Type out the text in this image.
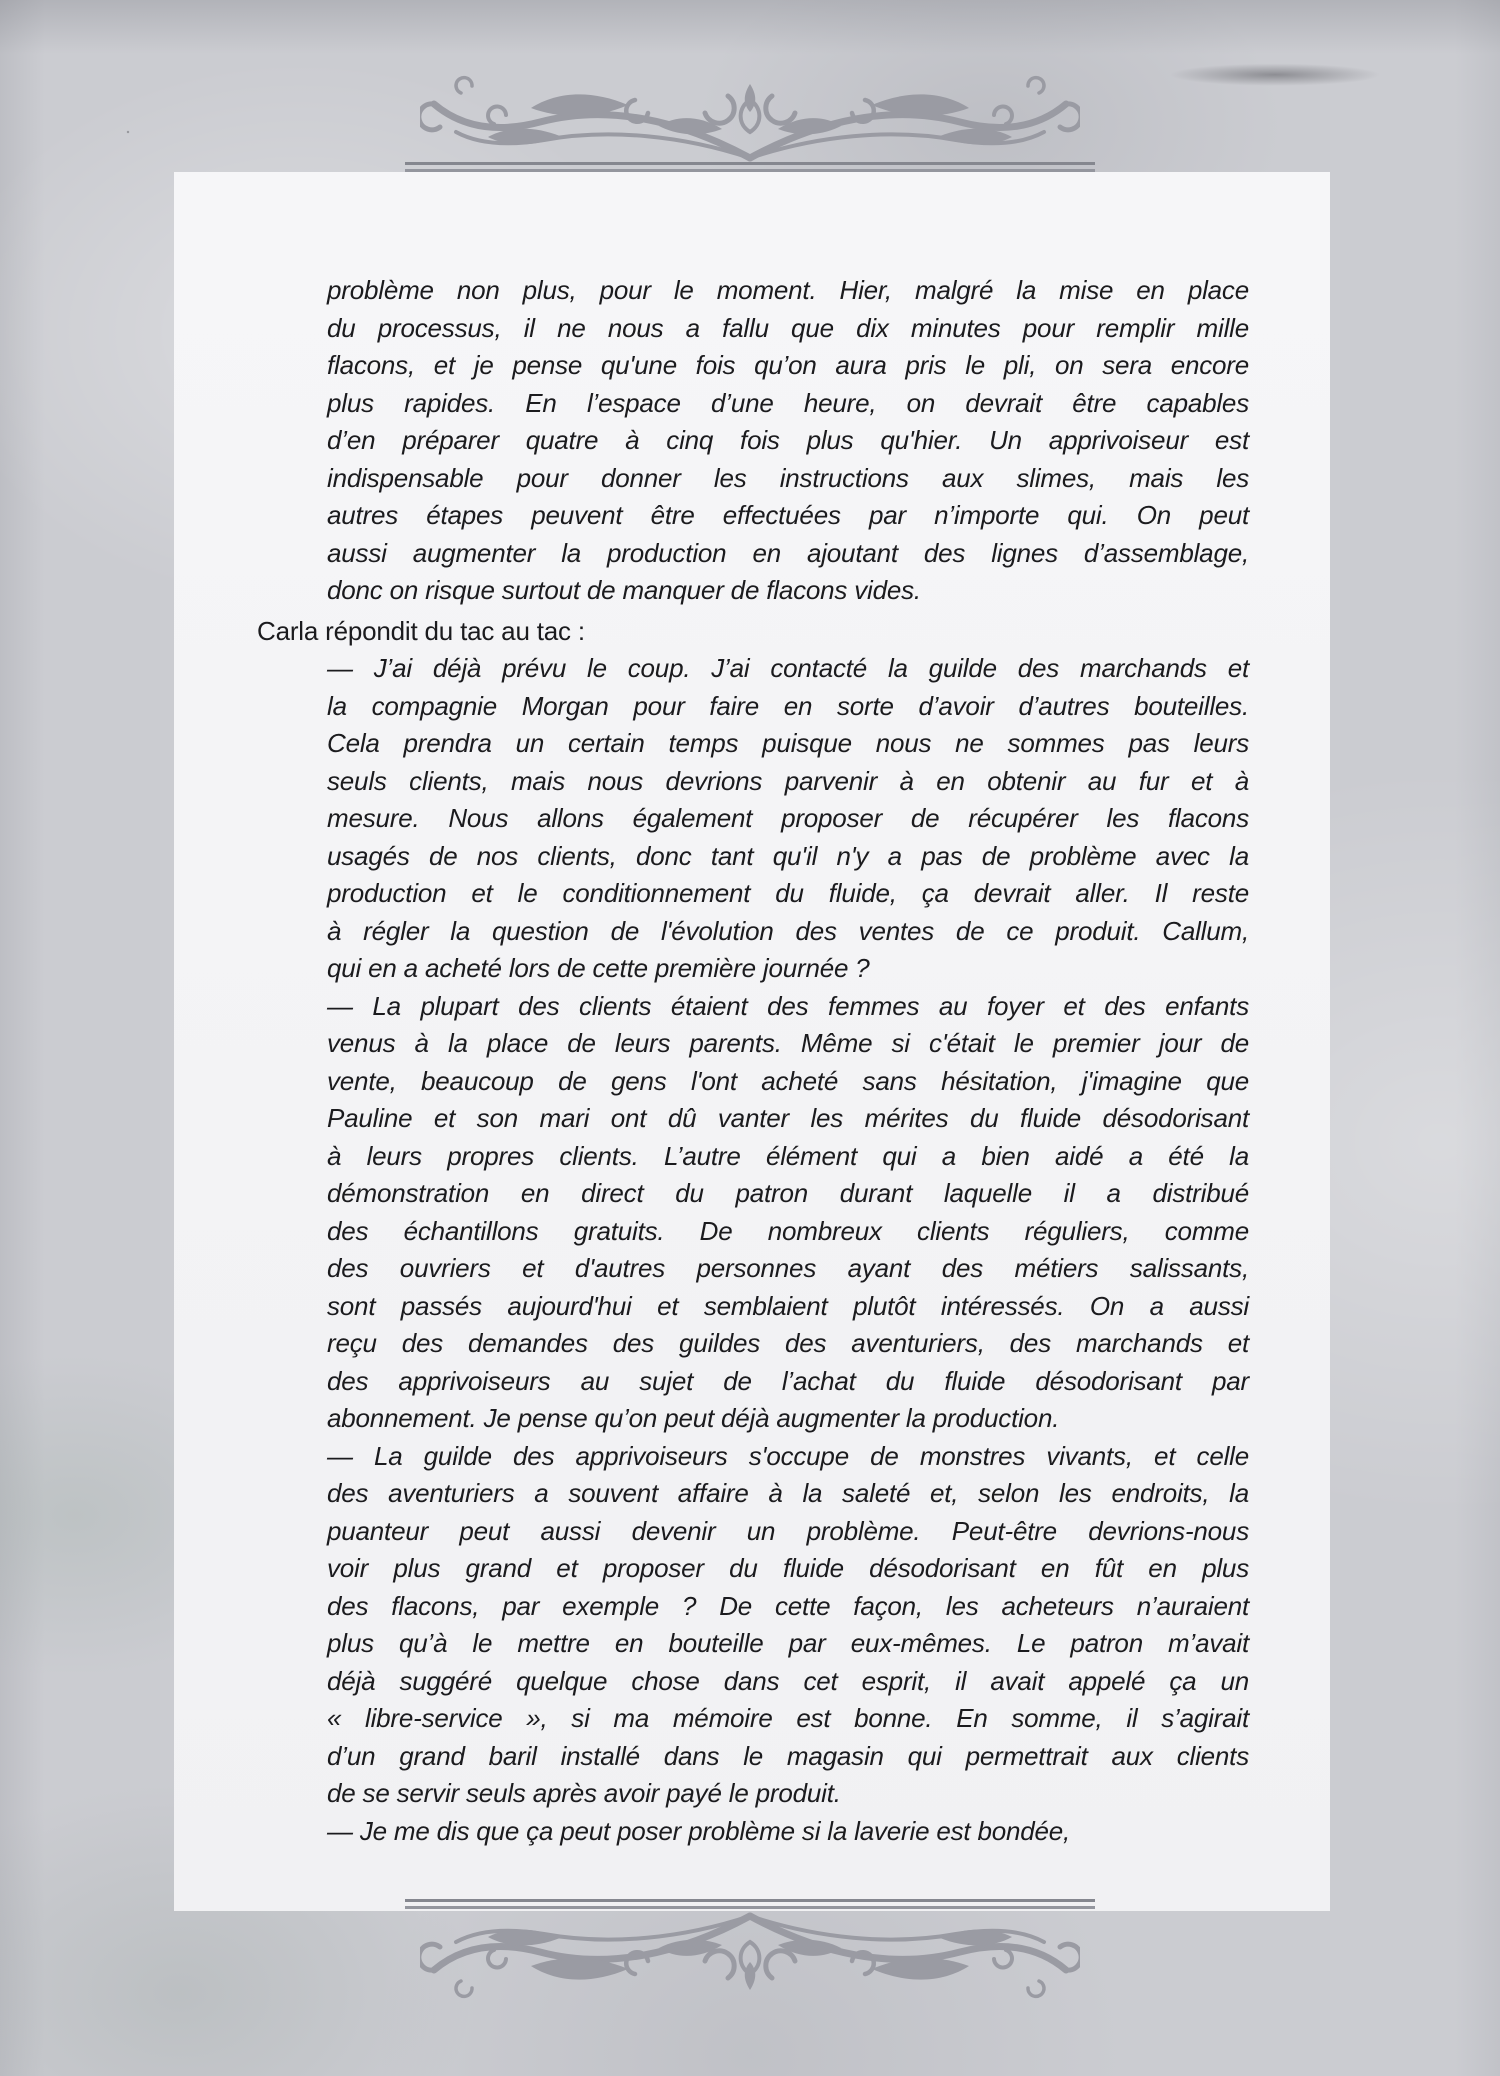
problème non plus, pour le moment. Hier, malgré la mise en place
du processus, il ne nous a fallu que dix minutes pour remplir mille
flacons, et je pense qu'une fois qu’on aura pris le pli, on sera encore
plus rapides. En l’espace d’une heure, on devrait être capables
d’en préparer quatre à cinq fois plus qu'hier. Un apprivoiseur est
indispensable pour donner les instructions aux slimes, mais les
autres étapes peuvent être effectuées par n’importe qui. On peut
aussi augmenter la production en ajoutant des lignes d’assemblage,
donc on risque surtout de manquer de flacons vides.
Carla répondit du tac au tac :
— J’ai déjà prévu le coup. J’ai contacté la guilde des marchands et
la compagnie Morgan pour faire en sorte d’avoir d’autres bouteilles.
Cela prendra un certain temps puisque nous ne sommes pas leurs
seuls clients, mais nous devrions parvenir à en obtenir au fur et à
mesure. Nous allons également proposer de récupérer les flacons
usagés de nos clients, donc tant qu'il n'y a pas de problème avec la
production et le conditionnement du fluide, ça devrait aller. Il reste
à régler la question de l'évolution des ventes de ce produit. Callum,
qui en a acheté lors de cette première journée ?
— La plupart des clients étaient des femmes au foyer et des enfants
venus à la place de leurs parents. Même si c'était le premier jour de
vente, beaucoup de gens l'ont acheté sans hésitation, j'imagine que
Pauline et son mari ont dû vanter les mérites du fluide désodorisant
à leurs propres clients. L’autre élément qui a bien aidé a été la
démonstration en direct du patron durant laquelle il a distribué
des échantillons gratuits. De nombreux clients réguliers, comme
des ouvriers et d'autres personnes ayant des métiers salissants,
sont passés aujourd'hui et semblaient plutôt intéressés. On a aussi
reçu des demandes des guildes des aventuriers, des marchands et
des apprivoiseurs au sujet de l’achat du fluide désodorisant par
abonnement. Je pense qu’on peut déjà augmenter la production.
— La guilde des apprivoiseurs s'occupe de monstres vivants, et celle
des aventuriers a souvent affaire à la saleté et, selon les endroits, la
puanteur peut aussi devenir un problème. Peut-être devrions-nous
voir plus grand et proposer du fluide désodorisant en fût en plus
des flacons, par exemple ? De cette façon, les acheteurs n’auraient
plus qu’à le mettre en bouteille par eux-mêmes. Le patron m’avait
déjà suggéré quelque chose dans cet esprit, il avait appelé ça un
« libre-service », si ma mémoire est bonne. En somme, il s’agirait
d’un grand baril installé dans le magasin qui permettrait aux clients
de se servir seuls après avoir payé le produit.
— Je me dis que ça peut poser problème si la laverie est bondée,
